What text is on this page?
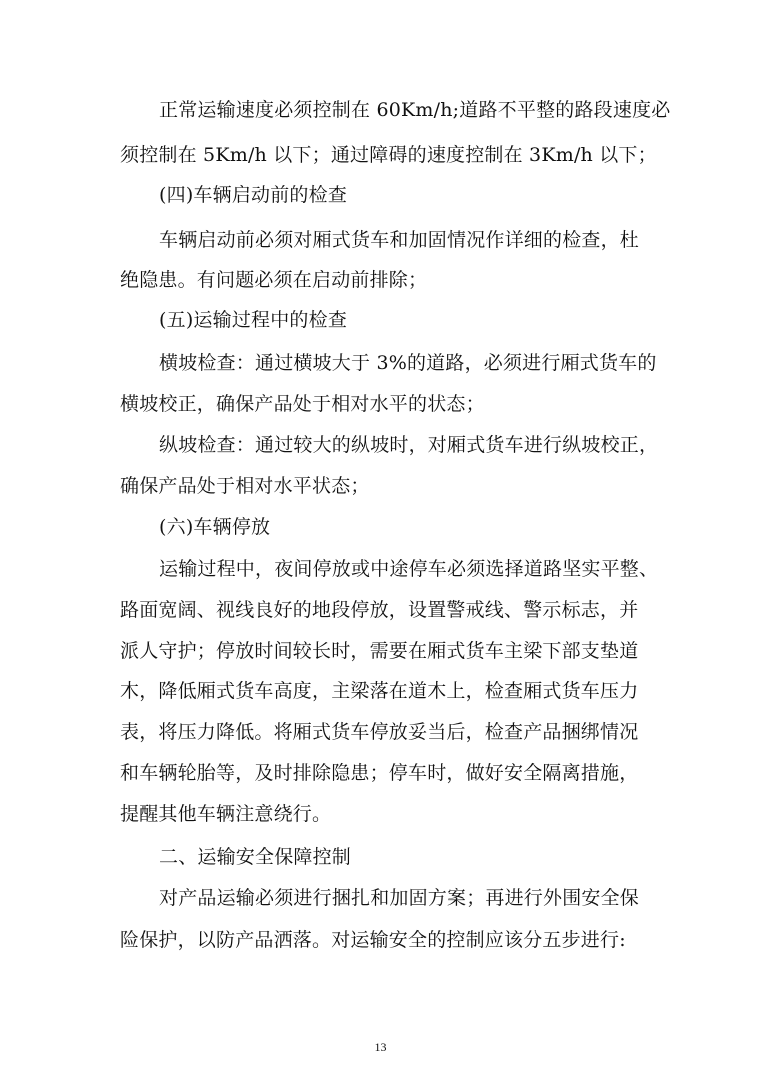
正常运输速度必须控制在 60Km/h;道路不平整的路段速度必
须控制在 5Km/h 以下；通过障碍的速度控制在 3Km/h 以下；
(四)车辆启动前的检查
车辆启动前必须对厢式货车和加固情况作详细的检查，杜
绝隐患。有问题必须在启动前排除；
(五)运输过程中的检查
横坡检查：通过横坡大于 3%的道路，必须进行厢式货车的
横坡校正，确保产品处于相对水平的状态；
纵坡检查：通过较大的纵坡时，对厢式货车进行纵坡校正，
确保产品处于相对水平状态；
(六)车辆停放
运输过程中，夜间停放或中途停车必须选择道路坚实平整、
路面宽阔、视线良好的地段停放，设置警戒线、警示标志，并
派人守护；停放时间较长时，需要在厢式货车主梁下部支垫道
木，降低厢式货车高度，主梁落在道木上，检查厢式货车压力
表，将压力降低。将厢式货车停放妥当后，检查产品捆绑情况
和车辆轮胎等，及时排除隐患；停车时，做好安全隔离措施，
提醒其他车辆注意绕行。
二、运输安全保障控制
对产品运输必须进行捆扎和加固方案；再进行外围安全保
险保护，以防产品洒落。对运输安全的控制应该分五步进行:
13
